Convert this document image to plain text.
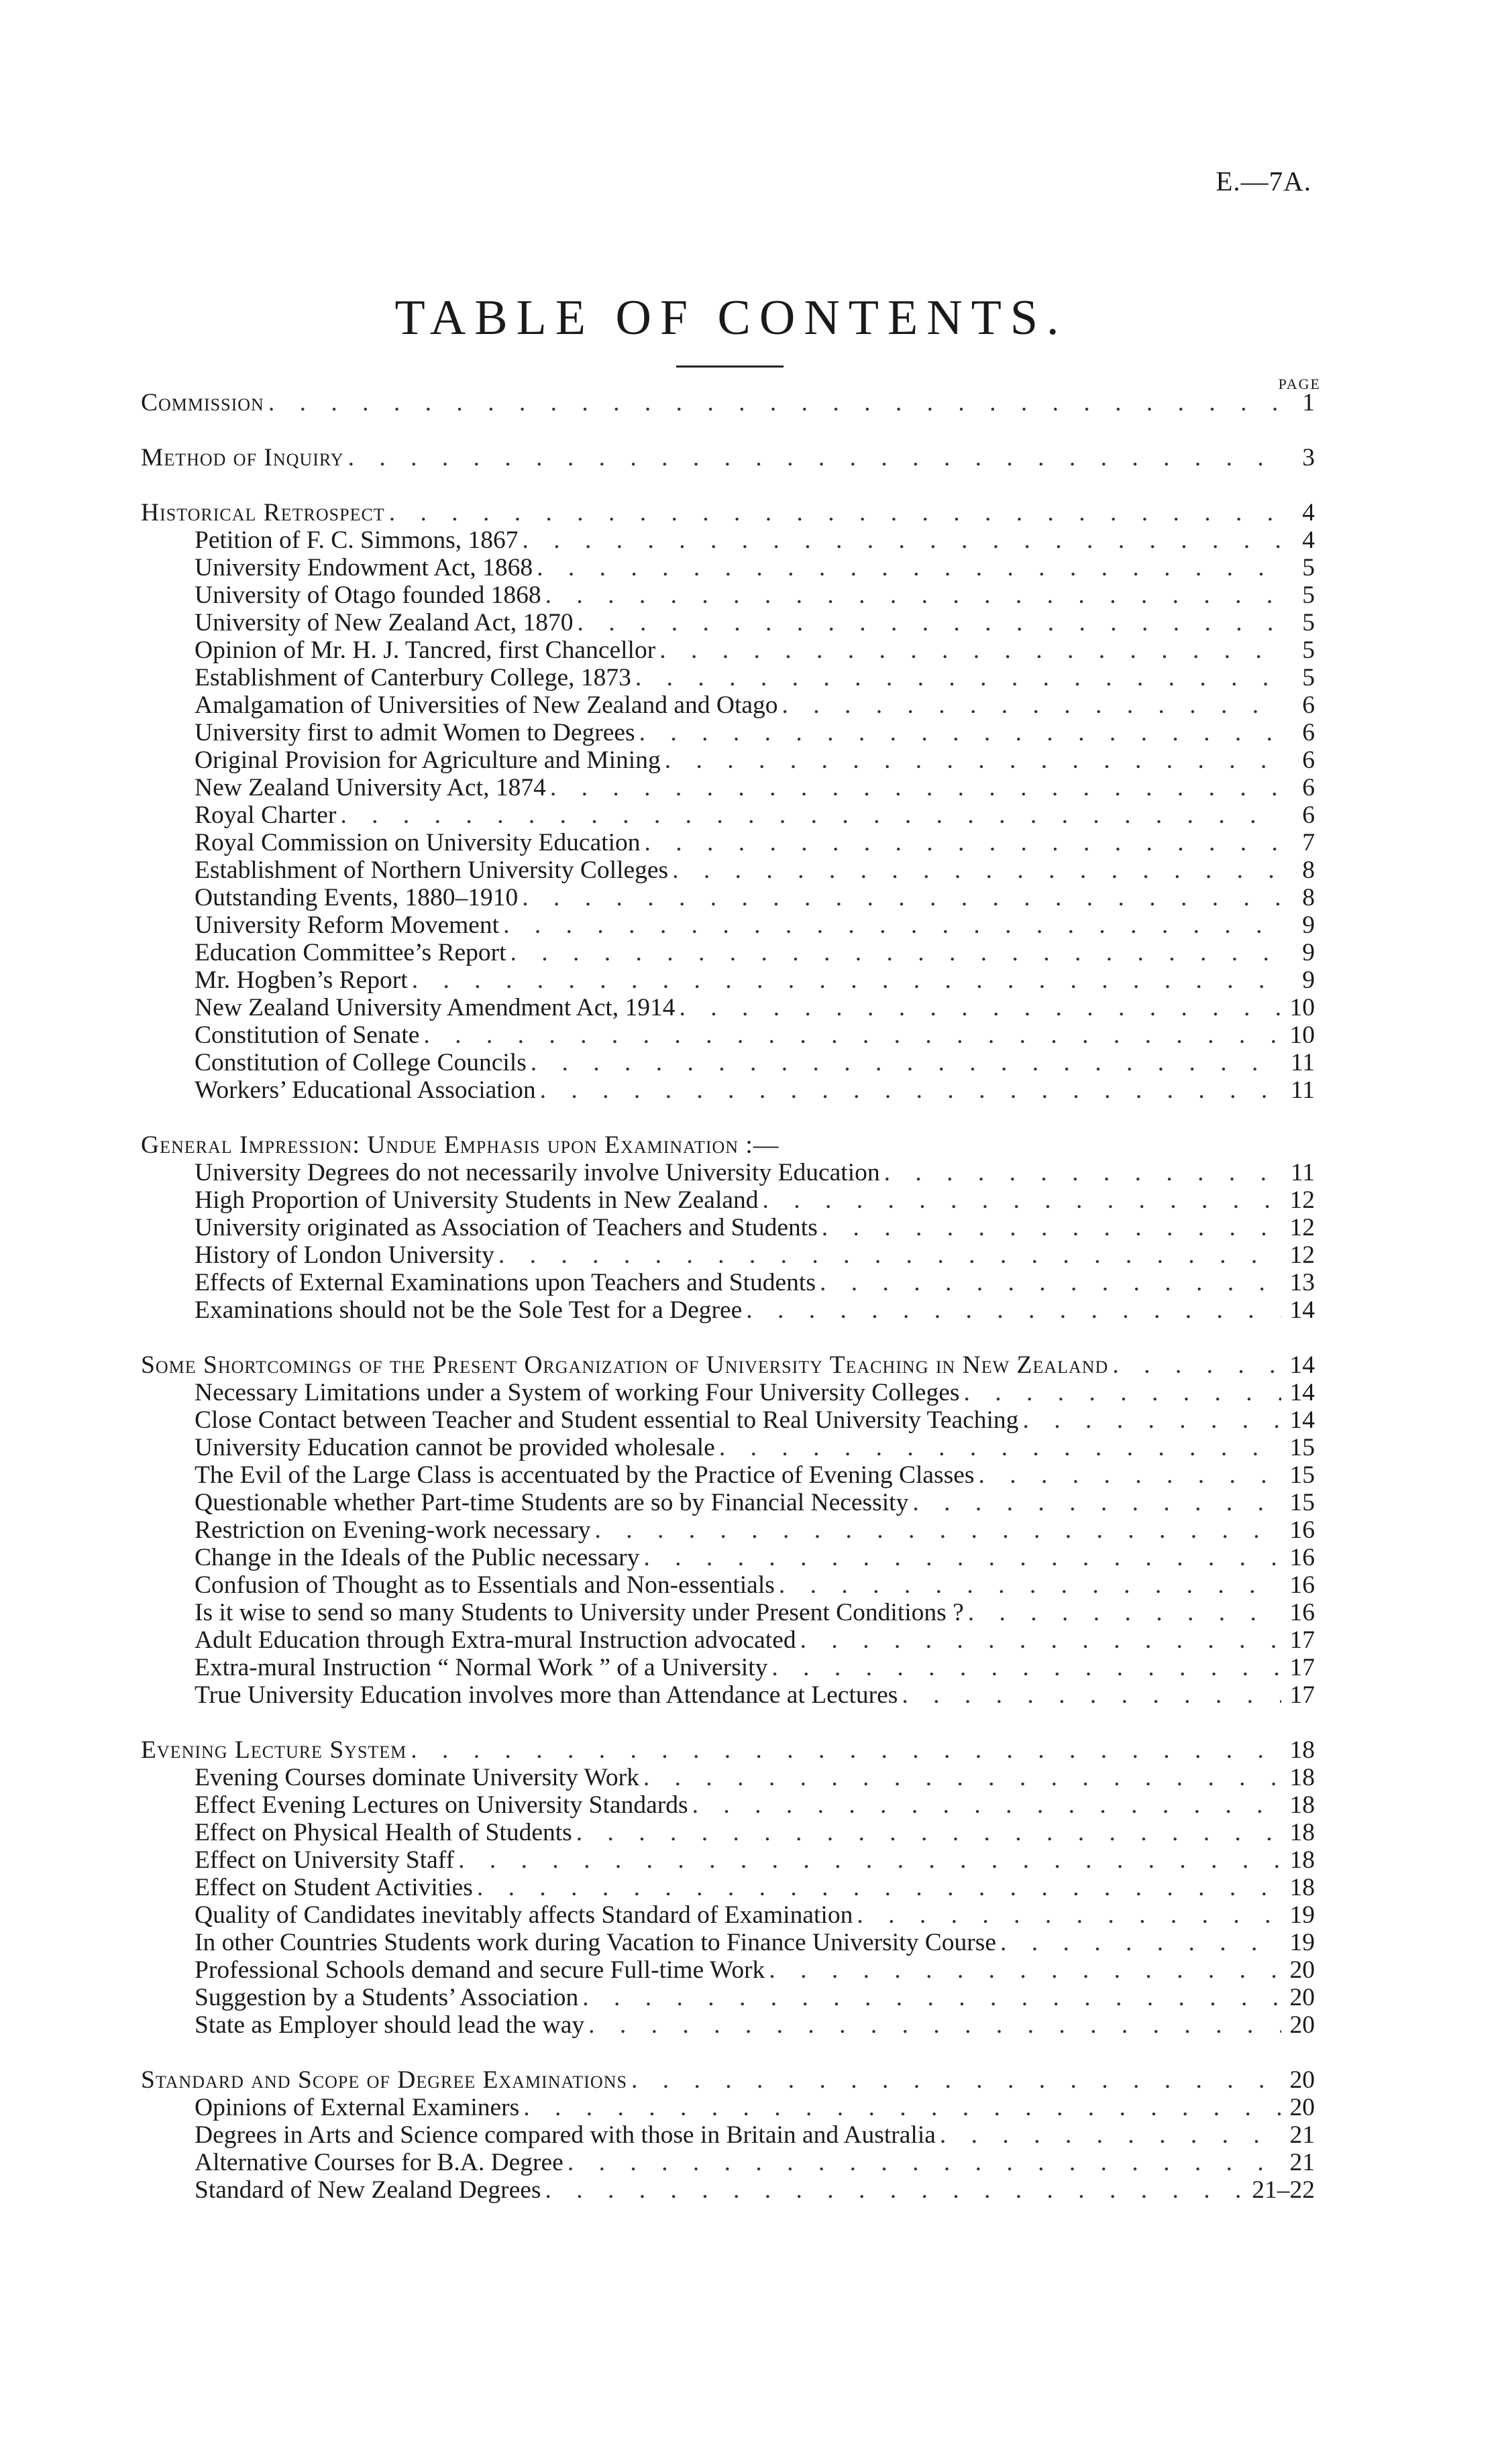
E.—7A.
TABLE OF CONTENTS.
PAGE
Commission . . .	1
Method of Inquiry . . .	3
Historical Retrospect . . .	4
Petition of F. C. Simmons, 1867 . . .	4
University Endowment Act, 1868 . . .	5
University of Otago founded 1868 . . .	5
University of New Zealand Act, 1870 . . .	5
Opinion of Mr. H. J. Tancred, first Chancellor . . .	5
Establishment of Canterbury College, 1873 . . .	5
Amalgamation of Universities of New Zealand and Otago . . .	6
University first to admit Women to Degrees . . .	6
Original Provision for Agriculture and Mining . . .	6
New Zealand University Act, 1874 . . .	6
Royal Charter . . .	6
Royal Commission on University Education . . .	7
Establishment of Northern University Colleges . . .	8
Outstanding Events, 1880–1910 . . .	8
University Reform Movement . . .	9
Education Committee’s Report . . .	9
Mr. Hogben’s Report . . .	9
New Zealand University Amendment Act, 1914 . . .	10
Constitution of Senate . . .	10
Constitution of College Councils . . .	11
Workers’ Educational Association . . .	11
General Impression: Undue Emphasis upon Examination :—
University Degrees do not necessarily involve University Education . . .	11
High Proportion of University Students in New Zealand . . .	12
University originated as Association of Teachers and Students . . .	12
History of London University . . .	12
Effects of External Examinations upon Teachers and Students . . .	13
Examinations should not be the Sole Test for a Degree . . .	14
Some Shortcomings of the Present Organization of University Teaching in New Zealand . . .	14
Necessary Limitations under a System of working Four University Colleges . . .	14
Close Contact between Teacher and Student essential to Real University Teaching . . .	14
University Education cannot be provided wholesale . . .	15
The Evil of the Large Class is accentuated by the Practice of Evening Classes . . .	15
Questionable whether Part-time Students are so by Financial Necessity . . .	15
Restriction on Evening-work necessary . . .	16
Change in the Ideals of the Public necessary . . .	16
Confusion of Thought as to Essentials and Non-essentials . . .	16
Is it wise to send so many Students to University under Present Conditions ? . . .	16
Adult Education through Extra-mural Instruction advocated . . .	17
Extra-mural Instruction “ Normal Work ” of a University . . .	17
True University Education involves more than Attendance at Lectures . . .	17
Evening Lecture System . . .	18
Evening Courses dominate University Work . . .	18
Effect Evening Lectures on University Standards . . .	18
Effect on Physical Health of Students . . .	18
Effect on University Staff . . .	18
Effect on Student Activities . . .	18
Quality of Candidates inevitably affects Standard of Examination . . .	19
In other Countries Students work during Vacation to Finance University Course . . .	19
Professional Schools demand and secure Full-time Work . . .	20
Suggestion by a Students’ Association . . .	20
State as Employer should lead the way . . .	20
Standard and Scope of Degree Examinations . . .	20
Opinions of External Examiners . . .	20
Degrees in Arts and Science compared with those in Britain and Australia . . .	21
Alternative Courses for B.A. Degree . . .	21
Standard of New Zealand Degrees . . .	21–22
